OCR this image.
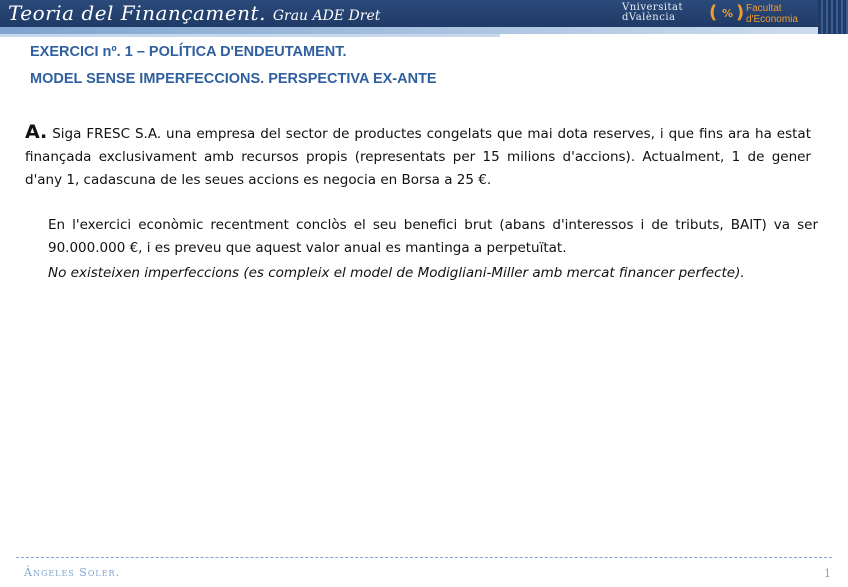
Teoria del Finançament. Grau ADE Dret
Vniversitat
dValència	( % ) Facultat
d'Economia
EXERCICI nº. 1 – POLÍTICA D'ENDEUTAMENT.
MODEL SENSE IMPERFECCIONS. PERSPECTIVA EX-ANTE
A. Siga FRESC S.A. una empresa del sector de productes congelats que mai dota reserves, i que fins ara ha estat finançada exclusivament amb recursos propis (representats per 15 milions d'accions). Actualment, 1 de gener d'any 1, cadascuna de les seues accions es negocia en Borsa a 25 €.
En l'exercici econòmic recentment conclòs el seu benefici brut (abans d'interessos i de tributs, BAIT) va ser 90.000.000 €, i es preveu que aquest valor anual es mantinga a perpetuïtat.
No existeixen imperfeccions (es compleix el model de Modigliani-Miller amb mercat financer perfecte).
Ángeles Soler.	1
